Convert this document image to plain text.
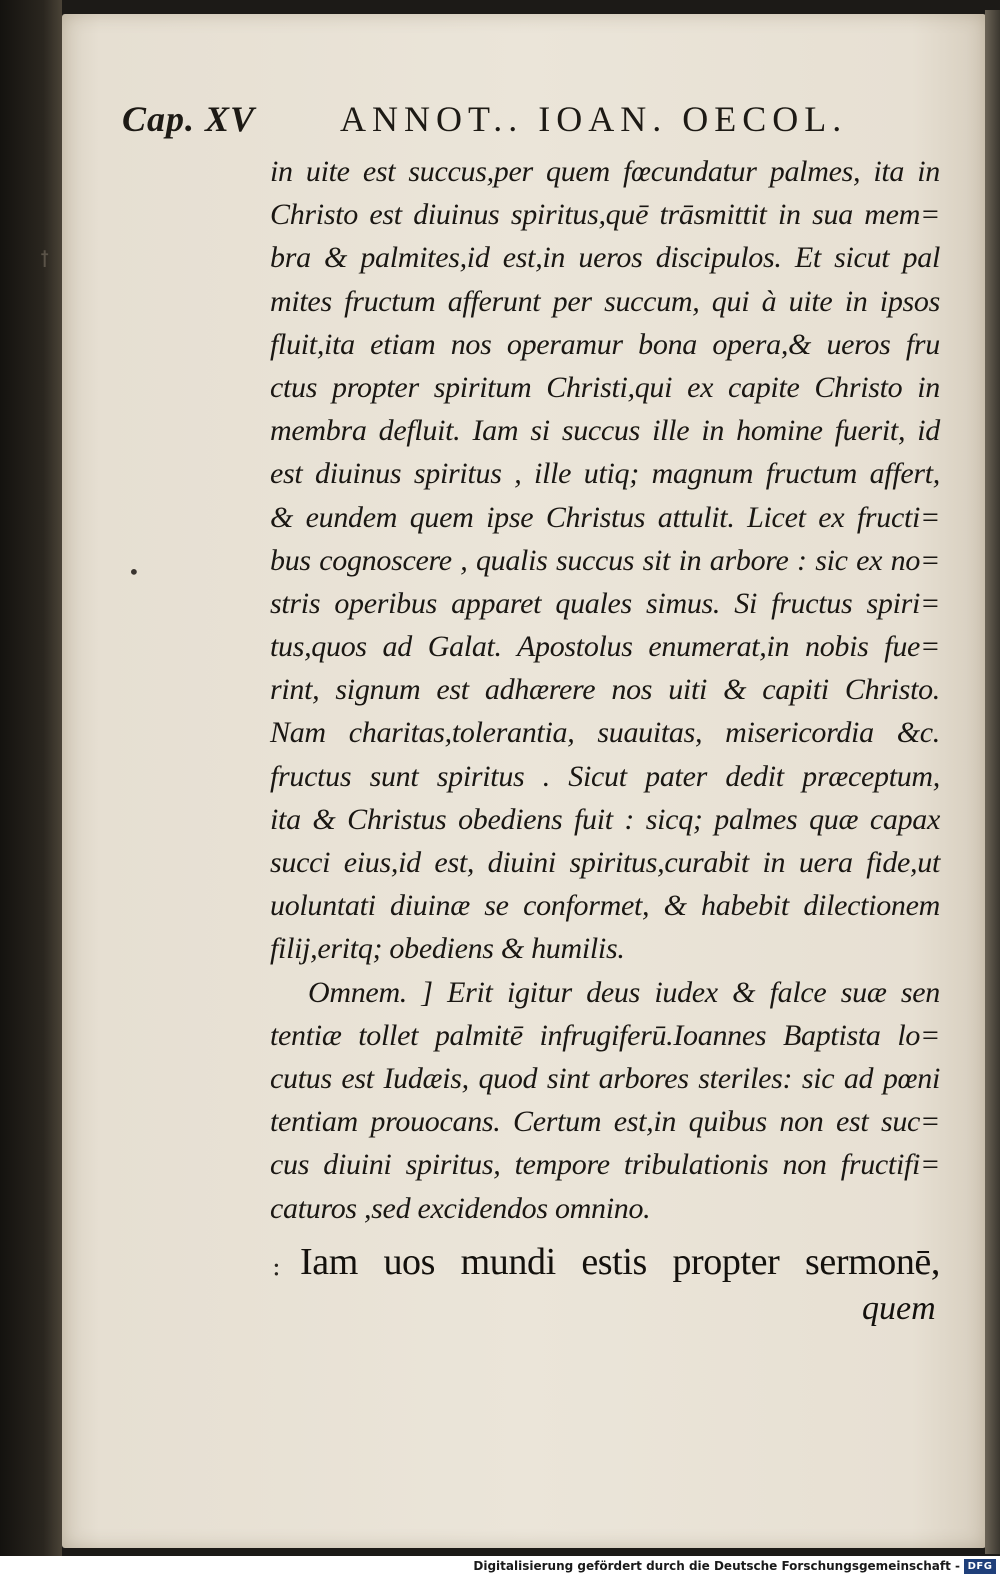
ꝉ
•
Cap. XV ANNOT.. IOAN. OECOL.
in uite est succus,per quem fœcundatur palmes, ita in
Christo est diuinus spiritus,quē trāsmittit in sua mem=
bra & palmites,id est,in ueros discipulos. Et sicut pal
mites fructum afferunt per succum, qui à uite in ipsos
fluit,ita etiam nos operamur bona opera,& ueros fru
ctus propter spiritum Christi,qui ex capite Christo in
membra defluit. Iam si succus ille in homine fuerit, id
est diuinus spiritus , ille utiq; magnum fructum affert,
& eundem quem ipse Christus attulit. Licet ex fructi=
bus cognoscere , qualis succus sit in arbore : sic ex no=
stris operibus apparet quales simus. Si fructus spiri=
tus,quos ad Galat. Apostolus enumerat,in nobis fue=
rint, signum est adhærere nos uiti & capiti Christo.
Nam charitas,tolerantia, suauitas, misericordia &c.
fructus sunt spiritus . Sicut pater dedit præceptum,
ita & Christus obediens fuit : sicq; palmes quæ capax
succi eius,id est, diuini spiritus,curabit in uera fide,ut
uoluntati diuinæ se conformet, & habebit dilectionem
filij,eritq; obediens & humilis.
Omnem. ] Erit igitur deus iudex & falce suæ sen
tentiæ tollet palmitē infrugiferū.Ioannes Baptista lo=
cutus est Iudæis, quod sint arbores steriles: sic ad pœni
tentiam prouocans. Certum est,in quibus non est suc=
cus diuini spiritus, tempore tribulationis non fructifi=
caturos ,sed excidendos omnino.
: Iam uos mundi estis propter sermonē,
quem
Digitalisierung gefördert durch die Deutsche Forschungsgemeinschaft - DFG
